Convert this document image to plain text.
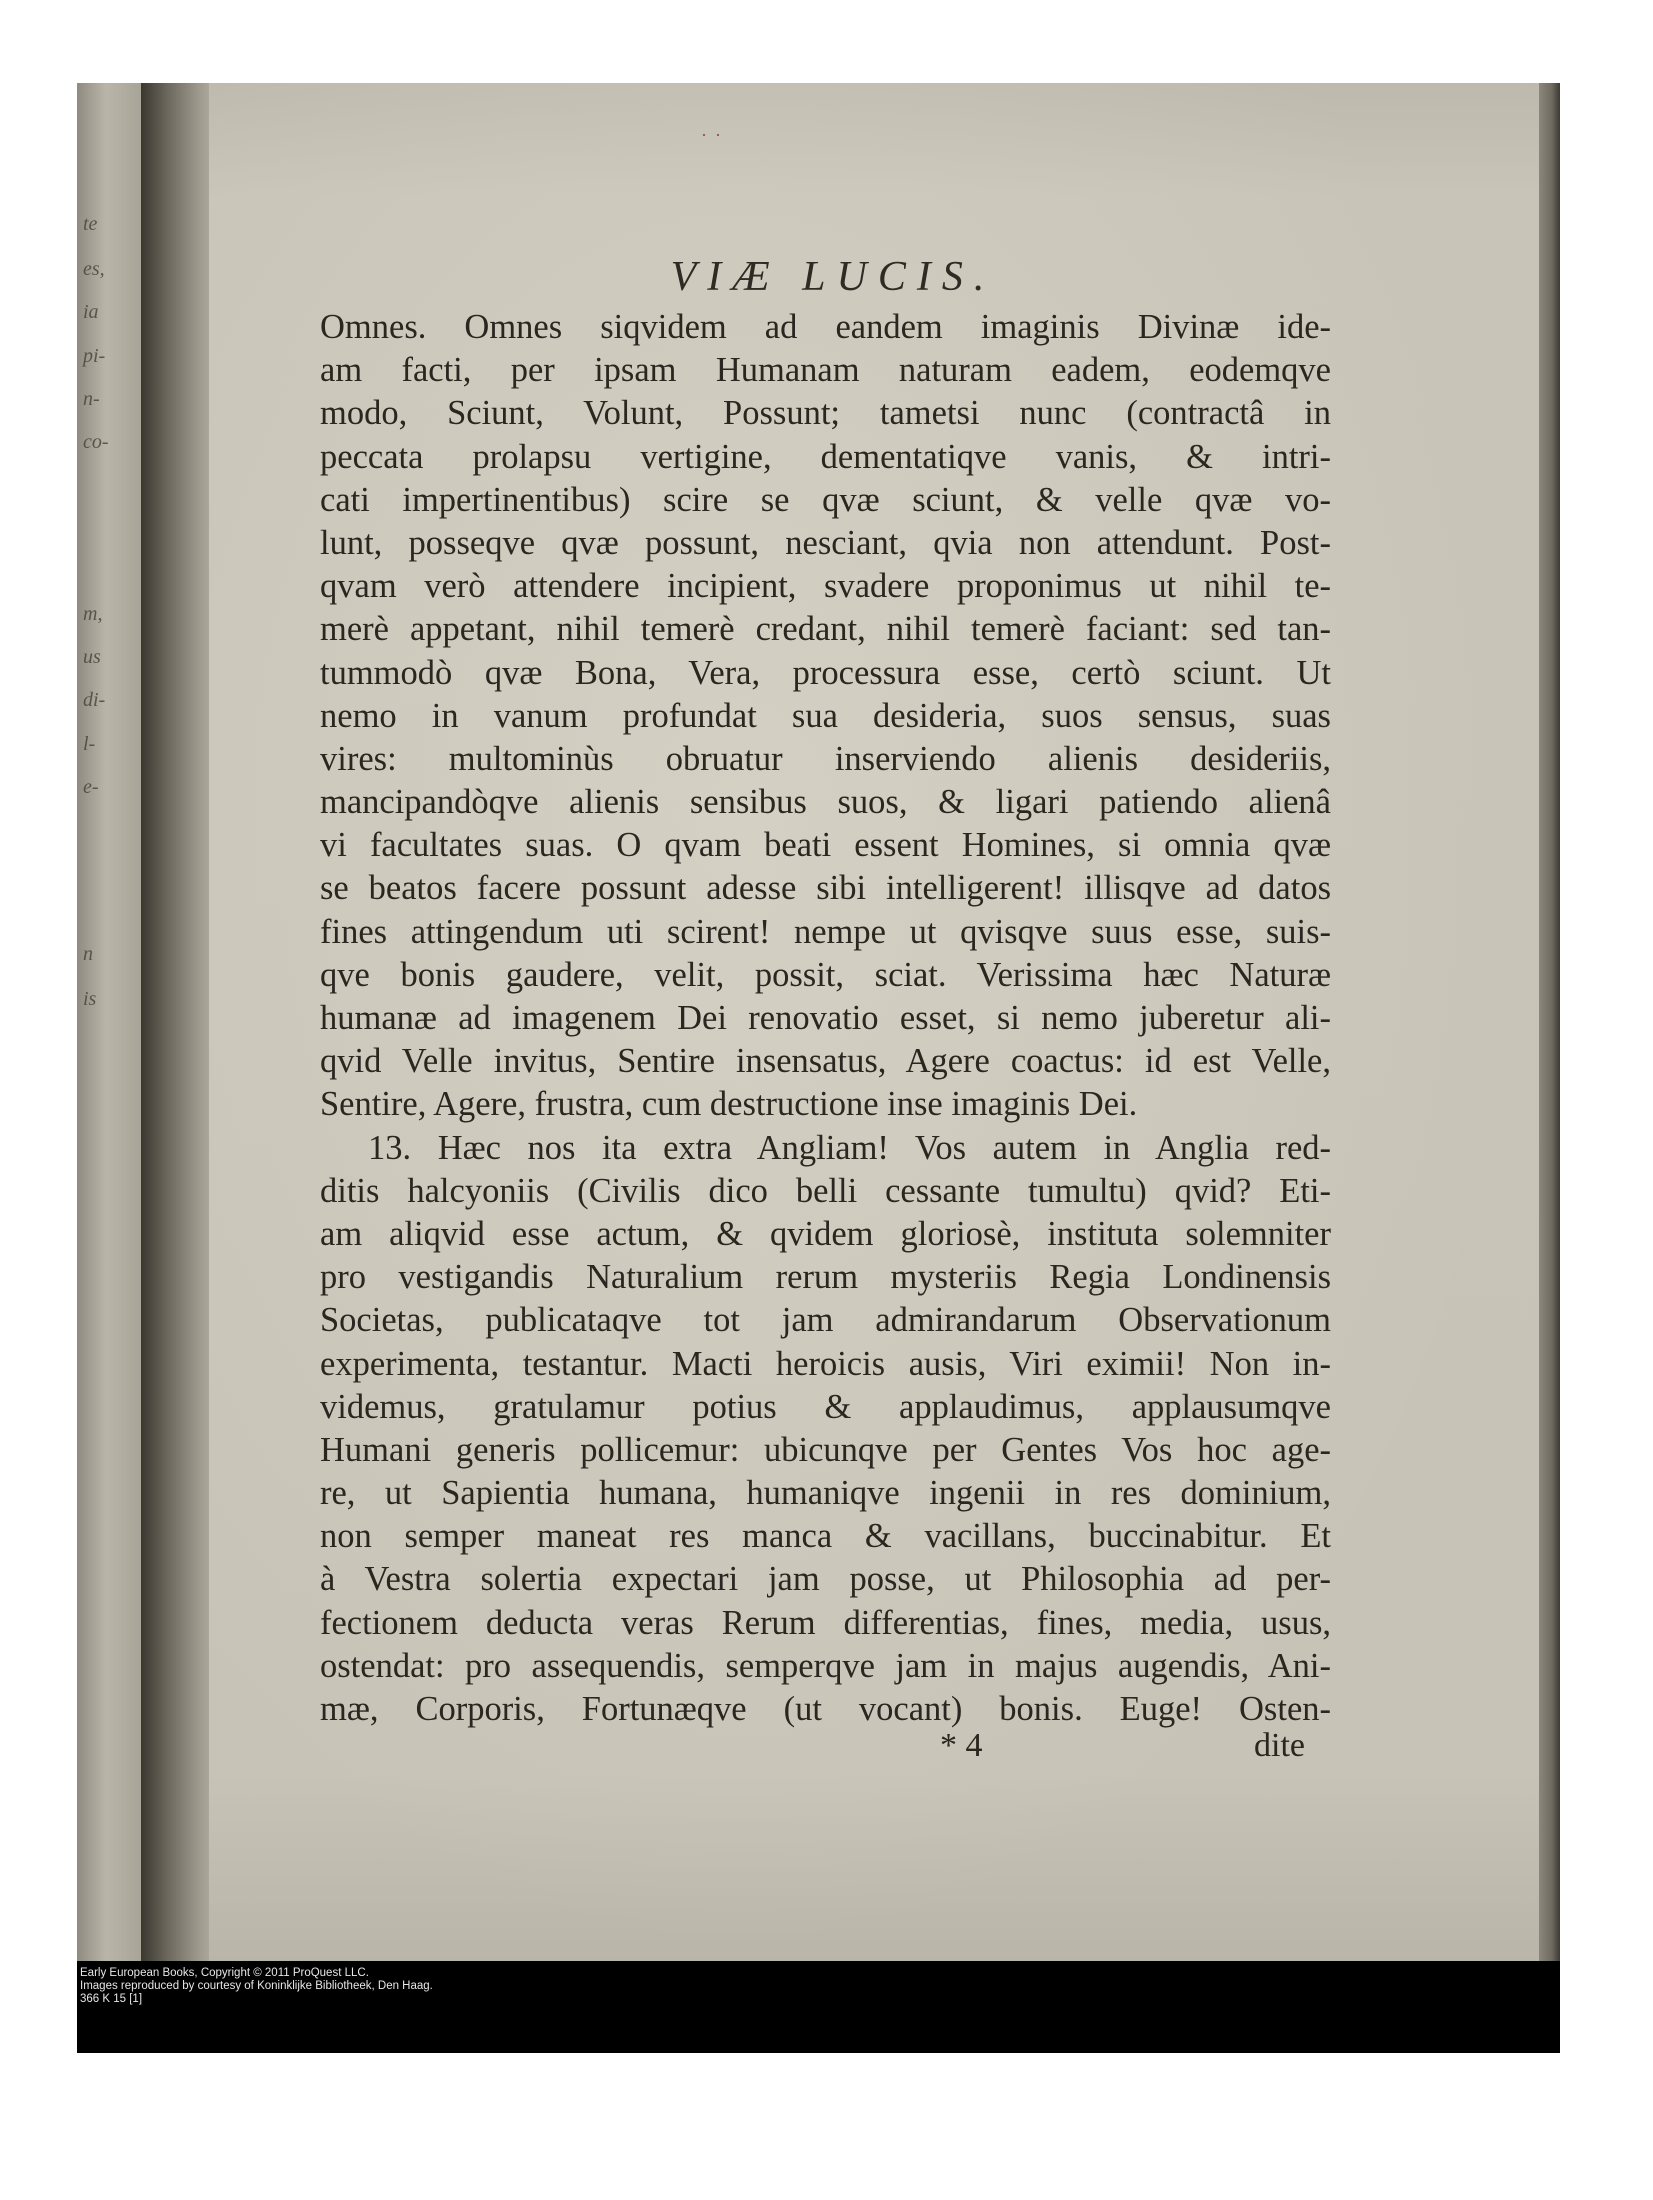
te
es,
ia
pi-
n-
co-
m,
us
di-
l-
e-
n
is
··
VIÆ LUCIS.
Omnes. Omnes siqvidem ad eandem imaginis Divinæ ide-
am facti, per ipsam Humanam naturam eadem, eodemqve
modo, Sciunt, Volunt, Possunt; tametsi nunc (contractâ in
peccata prolapsu vertigine, dementatiqve vanis, & intri-
cati impertinentibus) scire se qvæ sciunt, & velle qvæ vo-
lunt, posseqve qvæ possunt, nesciant, qvia non attendunt. Post-
qvam verò attendere incipient, svadere proponimus ut nihil te-
merè appetant, nihil temerè credant, nihil temerè faciant: sed tan-
tummodò qvæ Bona, Vera, processura esse, certò sciunt. Ut
nemo in vanum profundat sua desideria, suos sensus, suas
vires: multominùs obruatur inserviendo alienis desideriis,
mancipandòqve alienis sensibus suos, & ligari patiendo alienâ
vi facultates suas. O qvam beati essent Homines, si omnia qvæ
se beatos facere possunt adesse sibi intelligerent! illisqve ad datos
fines attingendum uti scirent! nempe ut qvisqve suus esse, suis-
qve bonis gaudere, velit, possit, sciat. Verissima hæc Naturæ
humanæ ad imagenem Dei renovatio esset, si nemo juberetur ali-
qvid Velle invitus, Sentire insensatus, Agere coactus: id est Velle,
Sentire, Agere, frustra, cum destructione inse imaginis Dei.
13. Hæc nos ita extra Angliam! Vos autem in Anglia red-
ditis halcyoniis (Civilis dico belli cessante tumultu) qvid? Eti-
am aliqvid esse actum, & qvidem gloriosè, instituta solemniter
pro vestigandis Naturalium rerum mysteriis Regia Londinensis
Societas, publicataqve tot jam admirandarum Observationum
experimenta, testantur. Macti heroicis ausis, Viri eximii! Non in-
videmus, gratulamur potius & applaudimus, applausumqve
Humani generis pollicemur: ubicunqve per Gentes Vos hoc age-
re, ut Sapientia humana, humaniqve ingenii in res dominium,
non semper maneat res manca & vacillans, buccinabitur. Et
à Vestra solertia expectari jam posse, ut Philosophia ad per-
fectionem deducta veras Rerum differentias, fines, media, usus,
ostendat: pro assequendis, semperqve jam in majus augendis, Ani-
mæ, Corporis, Fortunæqve (ut vocant) bonis. Euge! Osten-
* 4	dite
Early European Books, Copyright © 2011 ProQuest LLC.
Images reproduced by courtesy of Koninklijke Bibliotheek, Den Haag.
366 K 15 [1]
